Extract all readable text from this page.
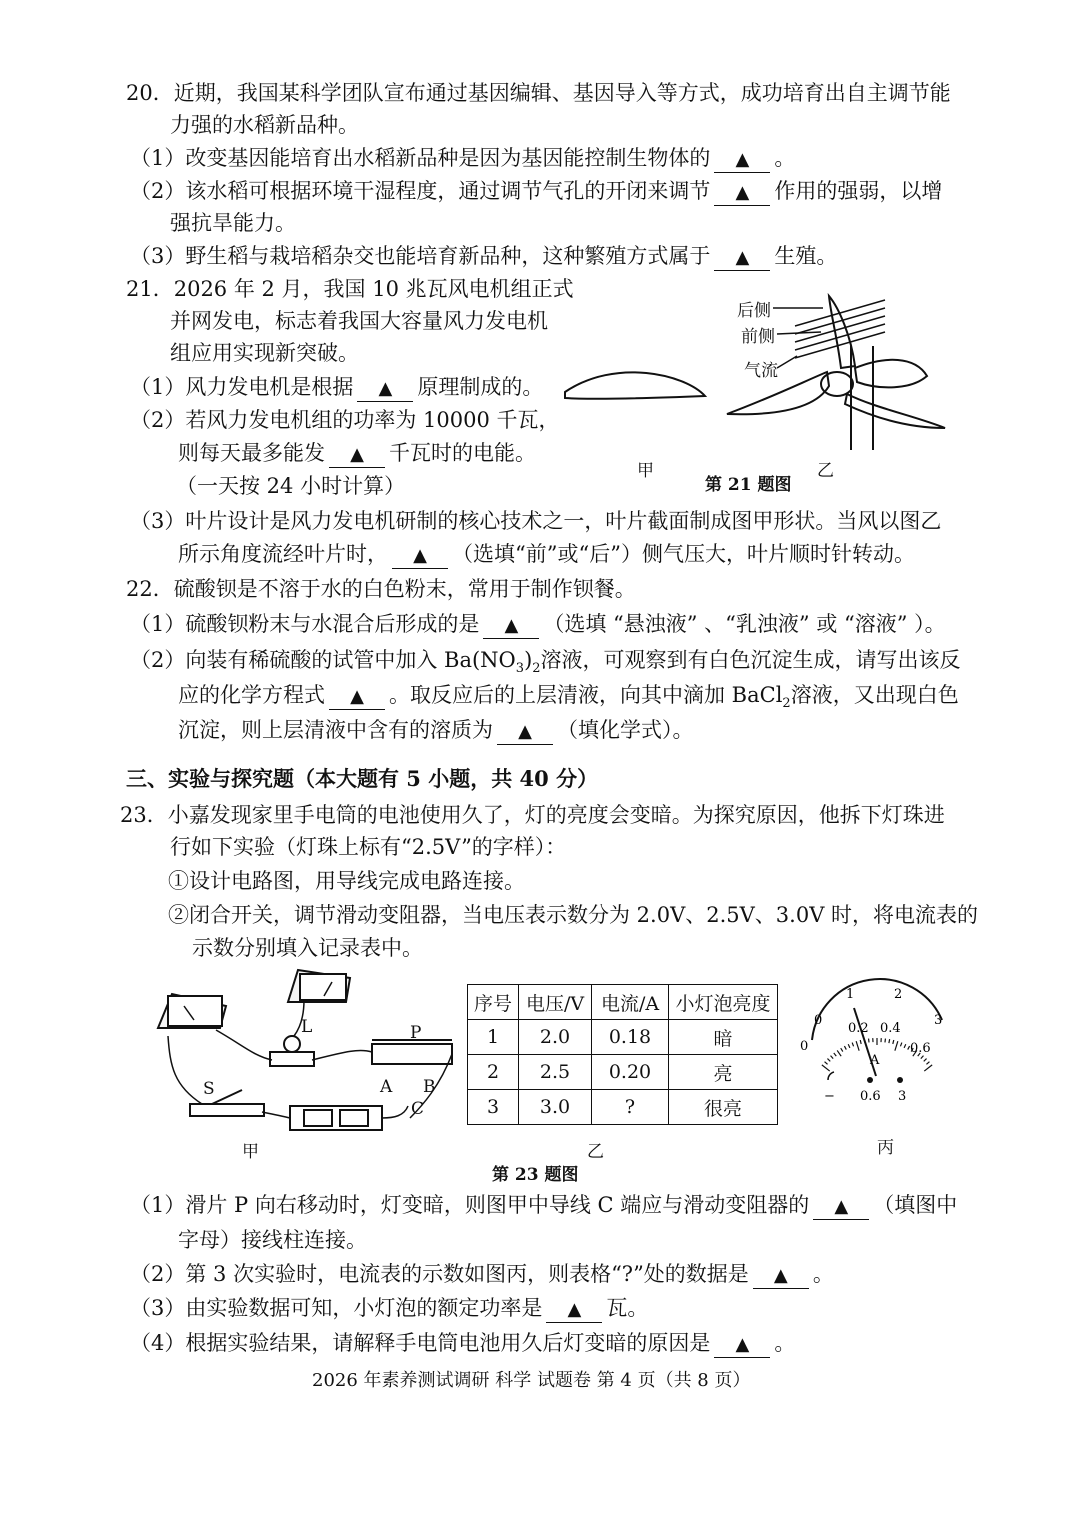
20．近期，我国某科学团队宣布通过基因编辑、基因导入等方式，成功培育出自主调节能
力强的水稻新品种。
（1）改变基因能培育出水稻新品种是因为基因能控制生物体的 ▲ 。
（2）该水稻可根据环境干湿程度，通过调节气孔的开闭来调节 ▲ 作用的强弱，以增
强抗旱能力。
（3）野生稻与栽培稻杂交也能培育新品种，这种繁殖方式属于 ▲ 生殖。
21．2026 年 2 月，我国 10 兆瓦风电机组正式
并网发电，标志着我国大容量风力发电机
组应用实现新突破。
（1）风力发电机是根据 ▲ 原理制成的。
（2）若风力发电机组的功率为 10000 千瓦，
则每天最多能发 ▲ 千瓦时的电能。
（一天按 24 小时计算）
（3）叶片设计是风力发电机研制的核心技术之一，叶片截面制成图甲形状。当风以图乙
所示角度流经叶片时， ▲ （选填“前”或“后”）侧气压大，叶片顺时针转动。
后侧
前侧
气流
甲
第 21 题图
乙
22．硫酸钡是不溶于水的白色粉末，常用于制作钡餐。
（1）硫酸钡粉末与水混合后形成的是 ▲ （选填 “悬浊液” 、“乳浊液” 或 “溶液” ）。
（2）向装有稀硫酸的试管中加入 $Ba(NO_3)_2$溶液，可观察到有白色沉淀生成，请写出该反
应的化学方程式 ▲ 。取反应后的上层清液，向其中滴加 BaCl$_2$溶液，又出现白色
沉淀，则上层清液中含有的溶质为 ▲ （填化学式）。
三、实验与探究题（本大题有 5 小题，共 40 分）
23．小嘉发现家里手电筒的电池使用久了，灯的亮度会变暗。为探究原因，他拆下灯珠进
行如下实验（灯珠上标有“2.5V”的字样）：
①设计电路图，用导线完成电路连接。
②闭合开关，调节滑动变阻器，当电压表示数分为 2.0V、2.5V、3.0V 时，将电流表的
示数分别填入记录表中。
L	P
A B
C
S
甲
序号	电压/V	电流/A	小灯泡亮度
1	2.0	0.18	暗
2	2.5	0.20	亮
3	3.0	?	很亮
乙
第 23 题图
0
0.2 0.4
0.6
0
1	2
3
A
− 0.6 3
丙
（1）滑片 P 向右移动时，灯变暗，则图甲中导线 C 端应与滑动变阻器的 ▲ （填图中
字母）接线柱连接。
（2）第 3 次实验时，电流表的示数如图丙，则表格“?”处的数据是 ▲ 。
（3）由实验数据可知，小灯泡的额定功率是 ▲ 瓦。
（4）根据实验结果，请解释手电筒电池用久后灯变暗的原因是 ▲ 。
2026 年素养测试调研 科学 试题卷 第 4 页（共 8 页）
